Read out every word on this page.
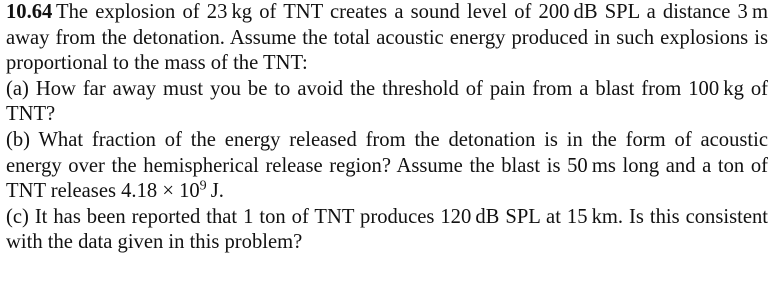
10.64 The explosion of 23 kg of TNT creates a sound level of 200 dB SPL a distance 3 m away from the detonation. Assume the total acoustic energy produced in such explosions is proportional to the mass of the TNT:

(a) How far away must you be to avoid the threshold of pain from a blast from 100 kg of TNT?

(b) What fraction of the energy released from the detonation is in the form of acoustic energy over the hemispherical release region? Assume the blast is 50 ms long and a ton of TNT releases $4.18 \times 10^9$ J.

(c) It has been reported that 1 ton of TNT produces 120 dB SPL at 15 km. Is this consistent with the data given in this problem?
